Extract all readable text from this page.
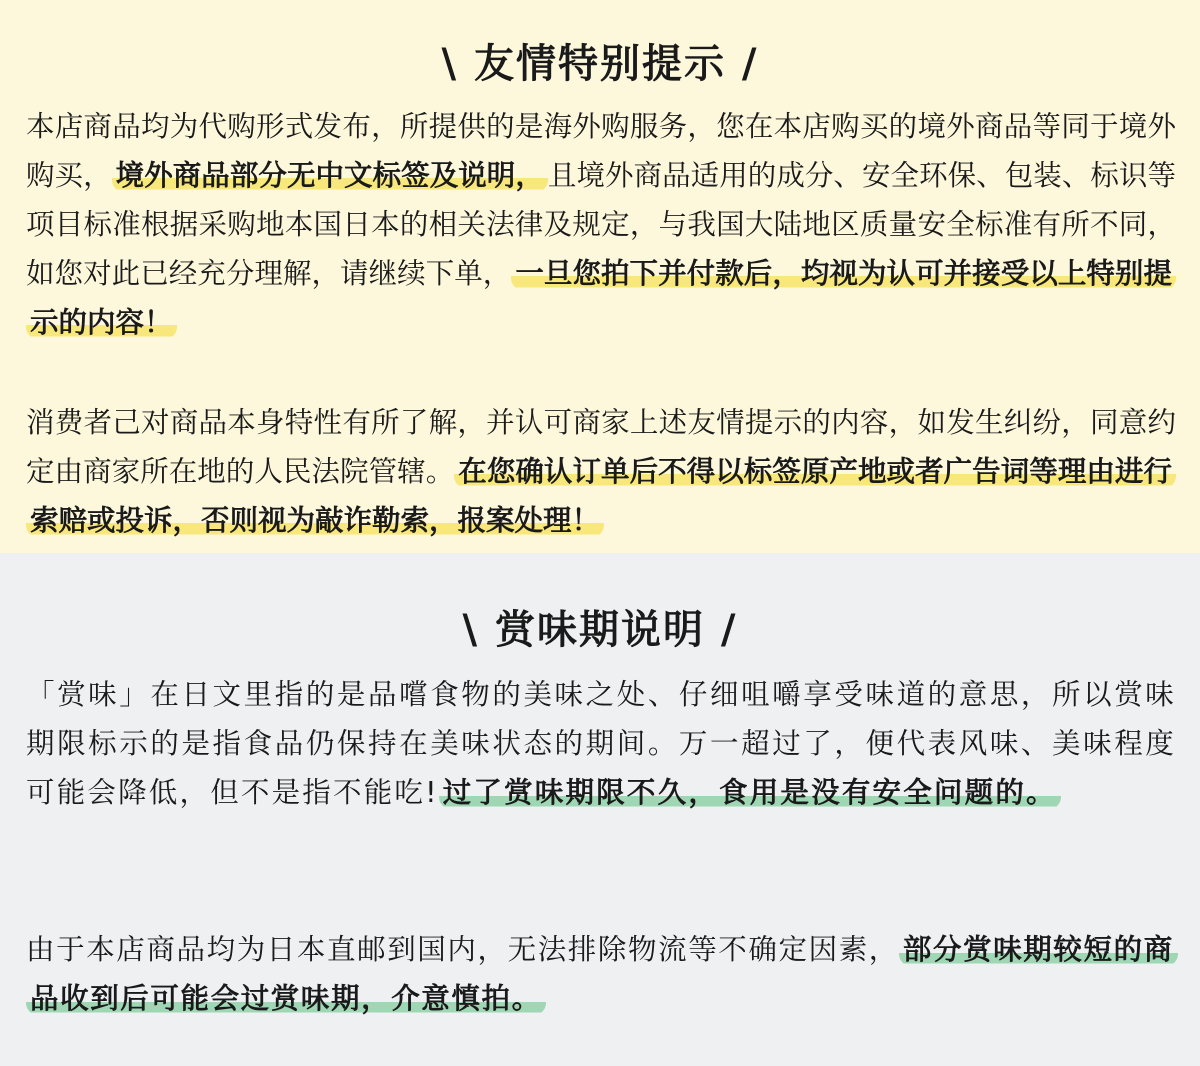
\ 友情特别提示 /

本店商品均为代购形式发布，所提供的是海外购服务，您在本店购买的境外商品等同于境外购买， 境外商品部分无中文标签及说明， 且境外商品适用的成分、安全环保、包装、标识等项目标准根据采购地本国日本的相关法律及规定，与我国大陆地区质量安全标准有所不同，如您对此已经充分理解，请继续下单， 一旦您拍下并付款后，均视为认可并接受以上特别提示的内容！

消费者己对商品本身特性有所了解，并认可商家上述友情提示的内容，如发生纠纷，同意约定由商家所在地的人民法院管辖。 在您确认订单后不得以标签原产地或者广告词等理由进行索赔或投诉，否则视为敲诈勒索，报案处理！

\ 赏味期说明 /

「赏味」在日文里指的是品嚐食物的美味之处、仔细咀嚼享受味道的意思，所以赏味期限标示的是指食品仍保持在美味状态的期间。万一超过了，便代表风味、美味程度可能会降低，但不是指不能吃! 过了赏味期限不久，食用是没有安全问题的。

由于本店商品均为日本直邮到国内，无法排除物流等不确定因素， 部分赏味期较短的商品收到后可能会过赏味期，介意慎拍。
